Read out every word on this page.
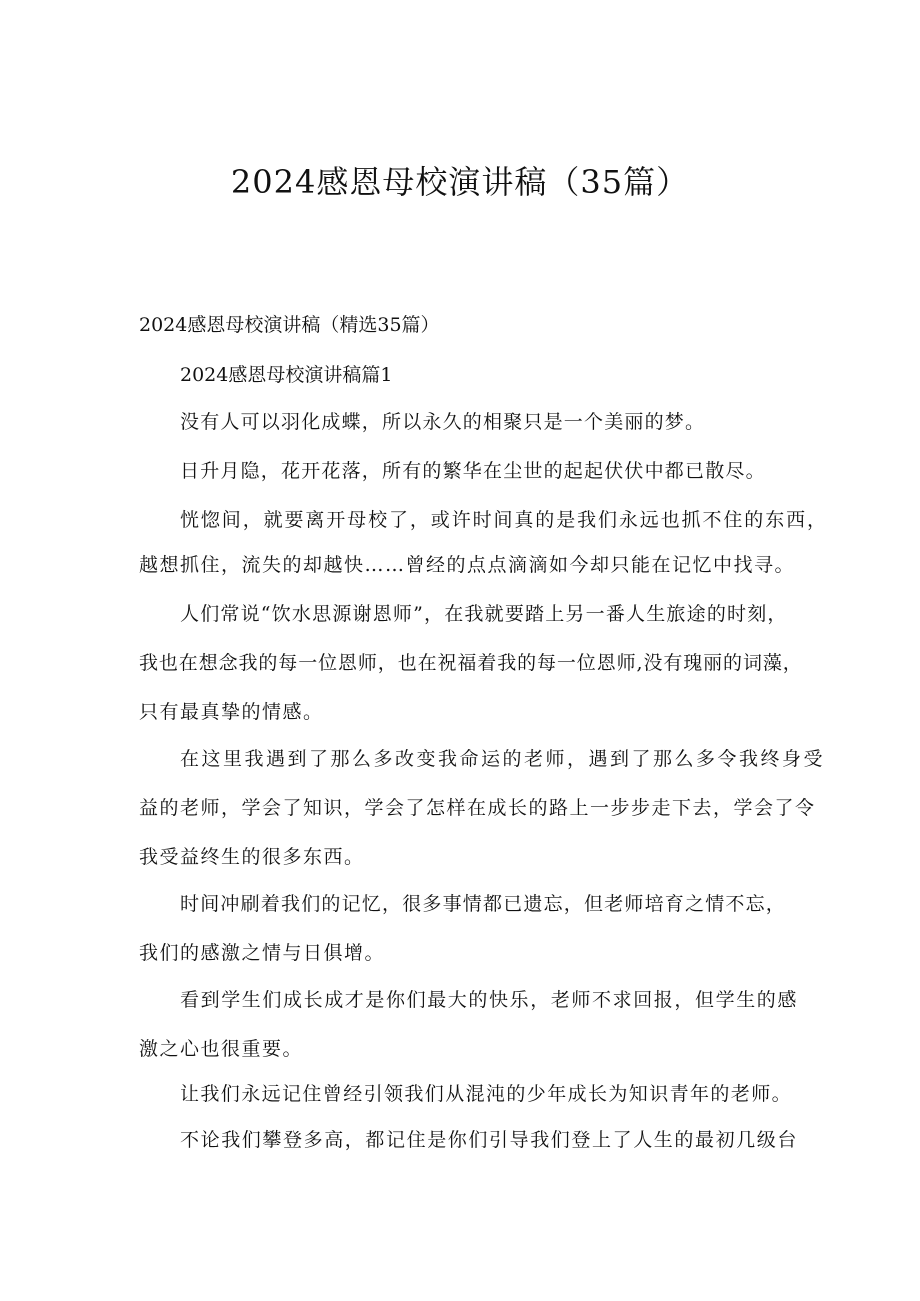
2024感恩母校演讲稿（35篇）
2024感恩母校演讲稿（精选35篇）
2024感恩母校演讲稿篇1
没有人可以羽化成蝶，所以永久的相聚只是一个美丽的梦。
日升月隐，花开花落，所有的繁华在尘世的起起伏伏中都已散尽。
恍惚间，就要离开母校了，或许时间真的是我们永远也抓不住的东西，
越想抓住，流失的却越快……曾经的点点滴滴如今却只能在记忆中找寻。
人们常说“饮水思源谢恩师”，在我就要踏上另一番人生旅途的时刻，
我也在想念我的每一位恩师，也在祝福着我的每一位恩师,没有瑰丽的词藻，
只有最真挚的情感。
在这里我遇到了那么多改变我命运的老师，遇到了那么多令我终身受
益的老师，学会了知识，学会了怎样在成长的路上一步步走下去，学会了令
我受益终生的很多东西。
时间冲刷着我们的记忆，很多事情都已遗忘，但老师培育之情不忘，
我们的感激之情与日俱增。
看到学生们成长成才是你们最大的快乐，老师不求回报，但学生的感
激之心也很重要。
让我们永远记住曾经引领我们从混沌的少年成长为知识青年的老师。
不论我们攀登多高，都记住是你们引导我们登上了人生的最初几级台
